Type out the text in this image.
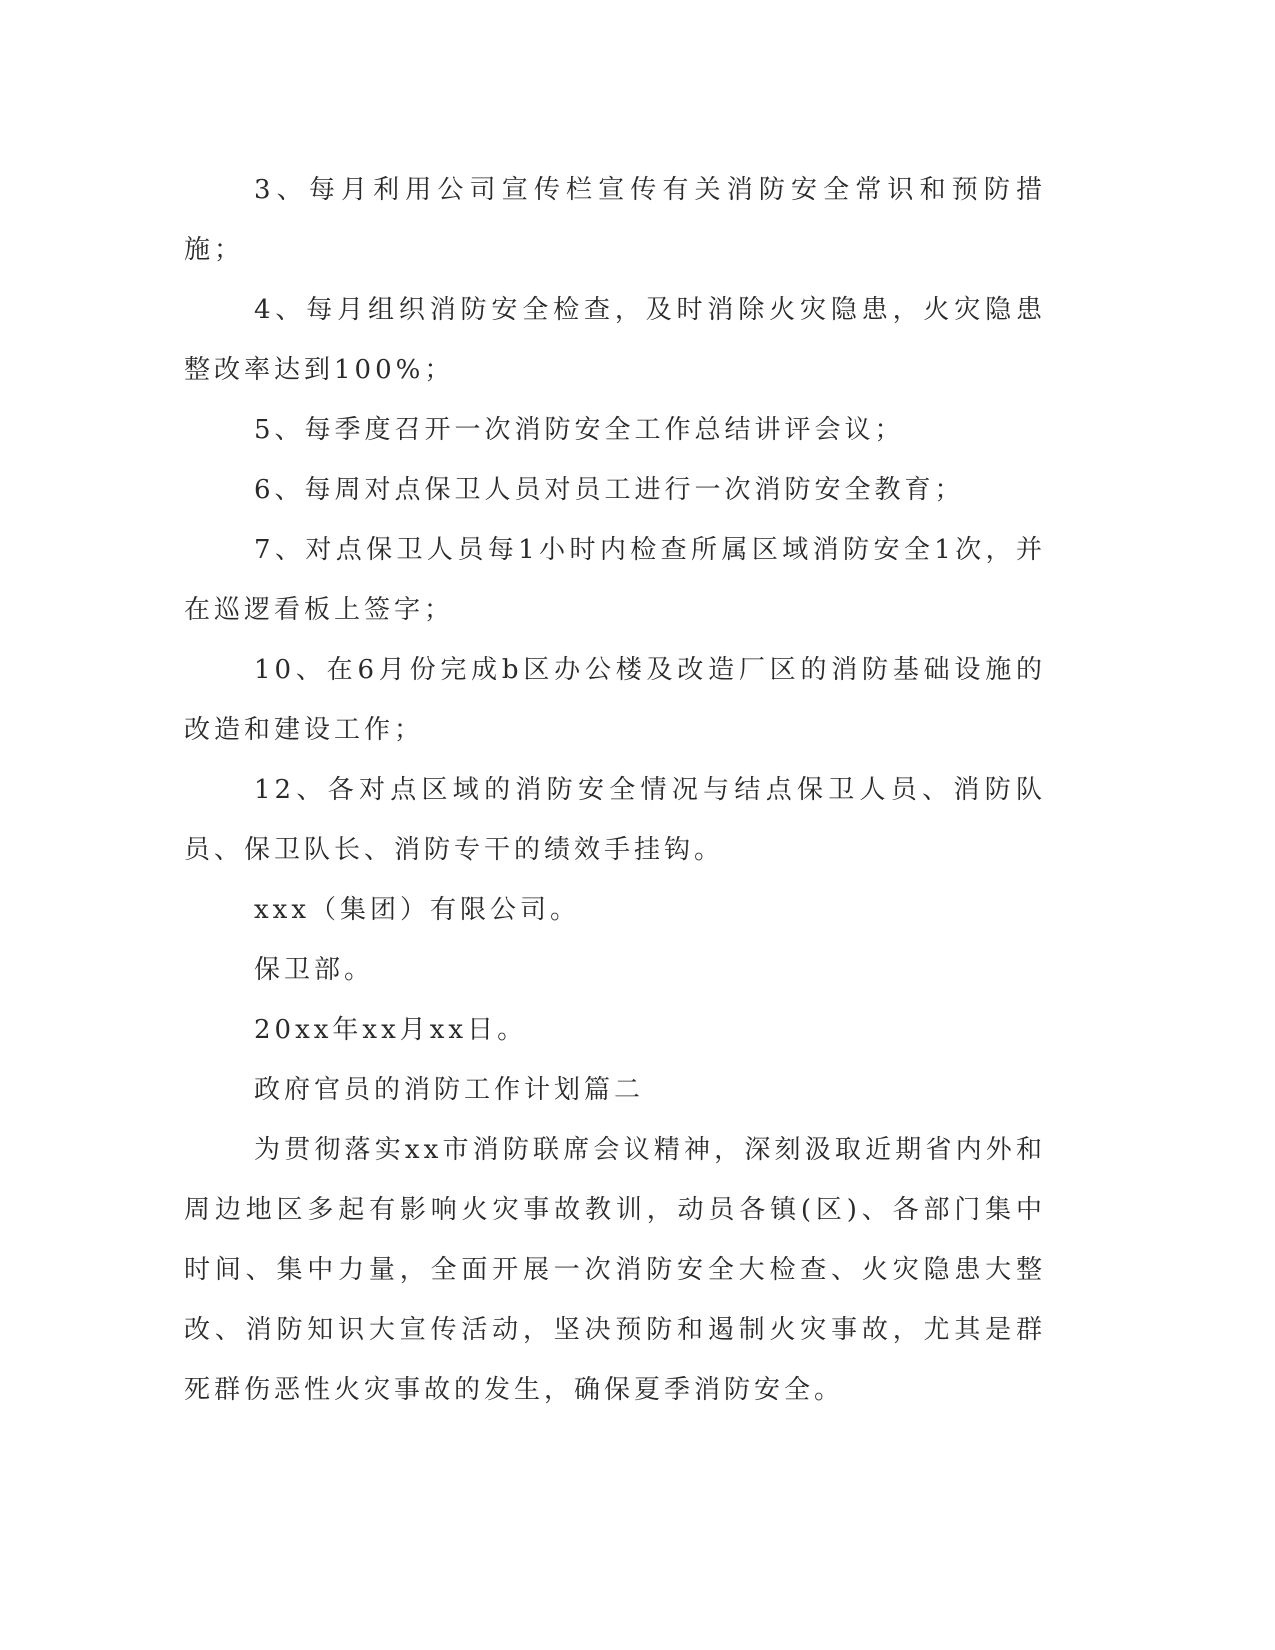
3、每月利用公司宣传栏宣传有关消防安全常识和预防措施；

4、每月组织消防安全检查，及时消除火灾隐患，火灾隐患整改率达到100%；

5、每季度召开一次消防安全工作总结讲评会议；

6、每周对点保卫人员对员工进行一次消防安全教育；

7、对点保卫人员每1小时内检查所属区域消防安全1次，并在巡逻看板上签字；

10、在6月份完成b区办公楼及改造厂区的消防基础设施的改造和建设工作；

12、各对点区域的消防安全情况与结点保卫人员、消防队员、保卫队长、消防专干的绩效手挂钩。

xxx（集团）有限公司。

保卫部。

20xx年xx月xx日。

政府官员的消防工作计划篇二

为贯彻落实xx市消防联席会议精神，深刻汲取近期省内外和周边地区多起有影响火灾事故教训，动员各镇(区)、各部门集中时间、集中力量，全面开展一次消防安全大检查、火灾隐患大整改、消防知识大宣传活动，坚决预防和遏制火灾事故，尤其是群死群伤恶性火灾事故的发生，确保夏季消防安全。
